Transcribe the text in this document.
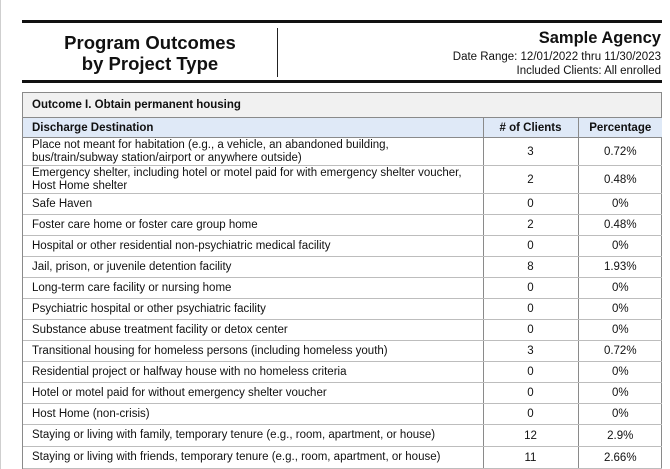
Program Outcomes
by Project Type

Sample Agency

Date Range: 12/01/2022 thru 11/30/2023

Included Clients: All enrolled

Outcome I. Obtain permanent housing
Discharge Destination	# of Clients	Percentage
Place not meant for habitation (e.g., a vehicle, an abandoned building, bus/train/subway station/airport or anywhere outside)	3	0.72%
Emergency shelter, including hotel or motel paid for with emergency shelter voucher, Host Home shelter	2	0.48%
Safe Haven	0	0%
Foster care home or foster care group home	2	0.48%
Hospital or other residential non-psychiatric medical facility	0	0%
Jail, prison, or juvenile detention facility	8	1.93%
Long-term care facility or nursing home	0	0%
Psychiatric hospital or other psychiatric facility	0	0%
Substance abuse treatment facility or detox center	0	0%
Transitional housing for homeless persons (including homeless youth)	3	0.72%
Residential project or halfway house with no homeless criteria	0	0%
Hotel or motel paid for without emergency shelter voucher	0	0%
Host Home (non-crisis)	0	0%
Staying or living with family, temporary tenure (e.g., room, apartment, or house)	12	2.9%
Staying or living with friends, temporary tenure (e.g., room, apartment, or house)	11	2.66%
